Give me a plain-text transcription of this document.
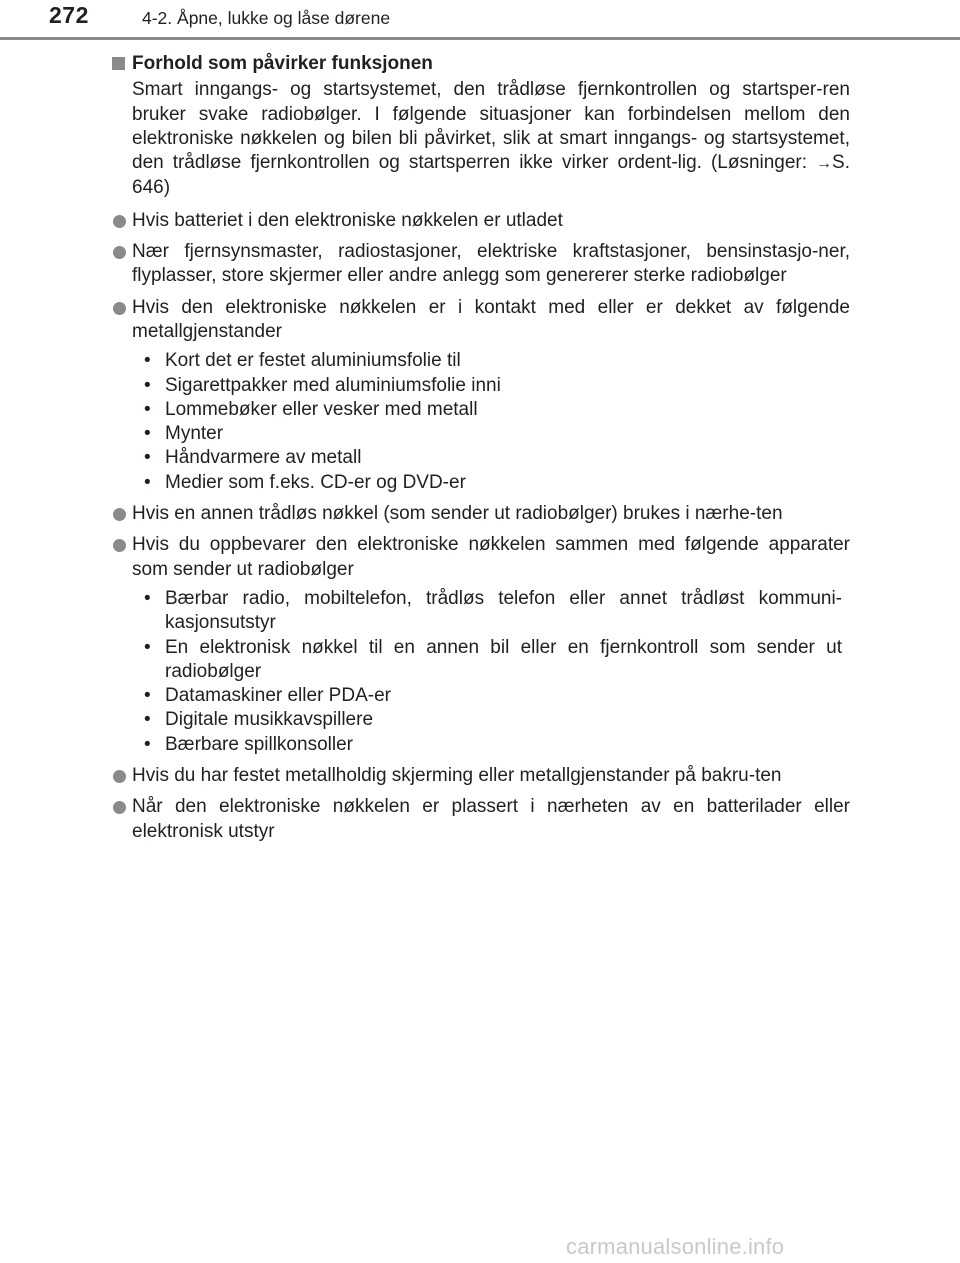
272	4-2. Åpne, lukke og låse dørene
Forhold som påvirker funksjonen
Smart inngangs- og startsystemet, den trådløse fjernkontrollen og startsper-ren bruker svake radiobølger. I følgende situasjoner kan forbindelsen mellom den elektroniske nøkkelen og bilen bli påvirket, slik at smart inngangs- og startsystemet, den trådløse fjernkontrollen og startsperren ikke virker ordent-lig. (Løsninger: →S. 646)
Hvis batteriet i den elektroniske nøkkelen er utladet
Nær fjernsynsmaster, radiostasjoner, elektriske kraftstasjoner, bensinstasjo-ner, flyplasser, store skjermer eller andre anlegg som genererer sterke radiobølger
Hvis den elektroniske nøkkelen er i kontakt med eller er dekket av følgende metallgjenstander
• Kort det er festet aluminiumsfolie til
• Sigarettpakker med aluminiumsfolie inni
• Lommebøker eller vesker med metall
• Mynter
• Håndvarmere av metall
• Medier som f.eks. CD-er og DVD-er
Hvis en annen trådløs nøkkel (som sender ut radiobølger) brukes i nærhe-ten
Hvis du oppbevarer den elektroniske nøkkelen sammen med følgende apparater som sender ut radiobølger
• Bærbar radio, mobiltelefon, trådløs telefon eller annet trådløst kommuni-kasjonsutstyr
• En elektronisk nøkkel til en annen bil eller en fjernkontroll som sender ut radiobølger
• Datamaskiner eller PDA-er
• Digitale musikkavspillere
• Bærbare spillkonsoller
Hvis du har festet metallholdig skjerming eller metallgjenstander på bakru-ten
Når den elektroniske nøkkelen er plassert i nærheten av en batterilader eller elektronisk utstyr
carmanualsonline.info
